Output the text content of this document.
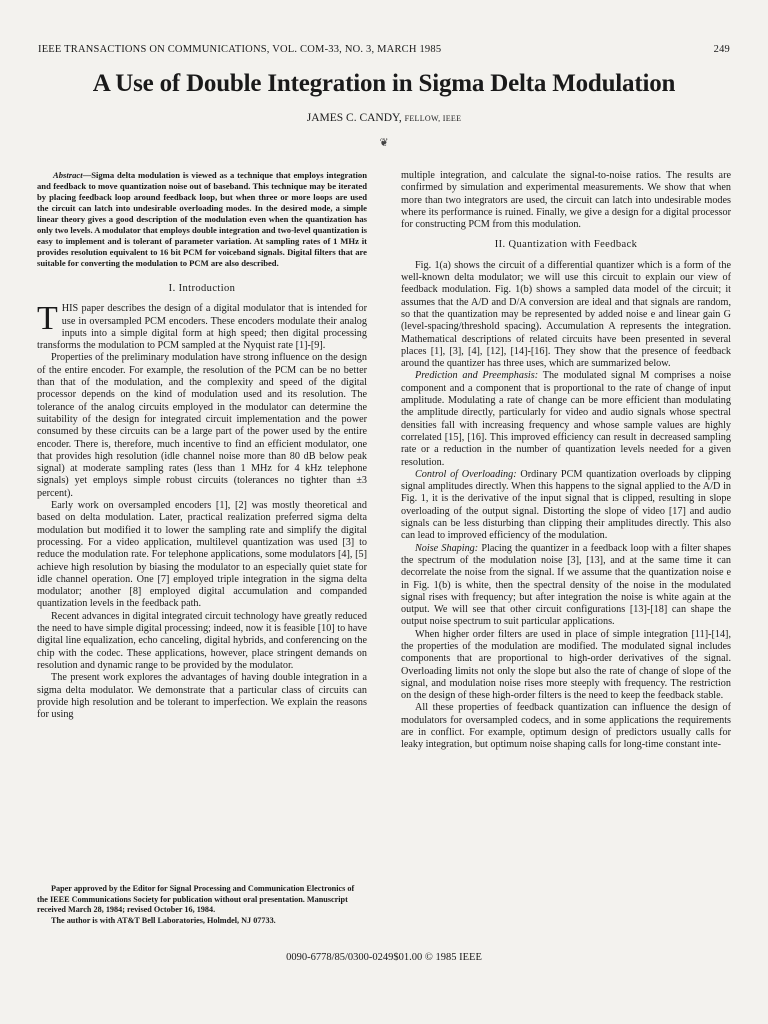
IEEE TRANSACTIONS ON COMMUNICATIONS, VOL. COM-33, NO. 3, MARCH 1985	249
A Use of Double Integration in Sigma Delta Modulation
JAMES C. CANDY, FELLOW, IEEE
❦

Abstract—Sigma delta modulation is viewed as a technique that employs integration and feedback to move quantization noise out of baseband. This technique may be iterated by placing feedback loop around feedback loop, but when three or more loops are used the circuit can latch into undesirable overloading modes. In the desired mode, a simple linear theory gives a good description of the modulation even when the quantization has only two levels. A modulator that employs double integration and two-level quantization is easy to implement and is tolerant of parameter variation. At sampling rates of 1 MHz it provides resolution equivalent to 16 bit PCM for voiceband signals. Digital filters that are suitable for converting the modulation to PCM are also described.

I. Introduction

THIS paper describes the design of a digital modulator that is intended for use in oversampled PCM encoders. These encoders modulate their analog inputs into a simple digital form at high speed; then digital processing transforms the modulation to PCM sampled at the Nyquist rate [1]-[9].

Properties of the preliminary modulation have strong influence on the design of the entire encoder. For example, the resolution of the PCM can be no better than that of the modulation, and the complexity and speed of the digital processor depends on the kind of modulation used and its resolution. The tolerance of the analog circuits employed in the modulator can determine the suitability of the design for integrated circuit implementation and the power consumed by these circuits can be a large part of the power used by the entire encoder. There is, therefore, much incentive to find an efficient modulator, one that provides high resolution (idle channel noise more than 80 dB below peak signal) at moderate sampling rates (less than 1 MHz for 4 kHz telephone signals) yet employs simple robust circuits (tolerances no tighter than ±3 percent).

Early work on oversampled encoders [1], [2] was mostly theoretical and based on delta modulation. Later, practical realization preferred sigma delta modulation but modified it to lower the sampling rate and simplify the digital processing. For a video application, multilevel quantization was used [3] to reduce the modulation rate. For telephone applications, some modulators [4], [5] achieve high resolution by biasing the modulator to an especially quiet state for idle channel operation. One [7] employed triple integration in the sigma delta modulator; another [8] employed digital accumulation and companded quantization levels in the feedback path.

Recent advances in digital integrated circuit technology have greatly reduced the need to have simple digital processing; indeed, now it is feasible [10] to have digital line equalization, echo canceling, digital hybrids, and conferencing on the chip with the codec. These applications, however, place stringent demands on resolution and dynamic range to be provided by the modulator.

The present work explores the advantages of having double integration in a sigma delta modulator. We demonstrate that a particular class of circuits can provide high resolution and be tolerant to imperfection. We explain the reasons for using

multiple integration, and calculate the signal-to-noise ratios. The results are confirmed by simulation and experimental measurements. We show that when more than two integrators are used, the circuit can latch into undesirable modes where its performance is ruined. Finally, we give a design for a digital processor for constructing PCM from this modulation.

II. Quantization with Feedback

Fig. 1(a) shows the circuit of a differential quantizer which is a form of the well-known delta modulator; we will use this circuit to explain our view of feedback modulation. Fig. 1(b) shows a sampled data model of the circuit; it assumes that the A/D and D/A conversion are ideal and that signals are random, so that the quantization may be represented by added noise e and linear gain G (level-spacing/threshold spacing). Accumulation A represents the integration. Mathematical descriptions of related circuits have been presented in several places [1], [3], [4], [12], [14]-[16]. They show that the presence of feedback around the quantizer has three uses, which are summarized below.

Prediction and Preemphasis: The modulated signal M comprises a noise component and a component that is proportional to the rate of change of input amplitude. Modulating a rate of change can be more efficient than modulating the amplitude directly, particularly for video and audio signals whose spectral densities fall with increasing frequency and whose sample values are highly correlated [15], [16]. This improved efficiency can result in decreased sampling rate or a reduction in the number of quantization levels needed for a given resolution.

Control of Overloading: Ordinary PCM quantization overloads by clipping signal amplitudes directly. When this happens to the signal applied to the A/D in Fig. 1, it is the derivative of the input signal that is clipped, resulting in slope overloading of the output signal. Distorting the slope of video [17] and audio signals can be less disturbing than clipping their amplitudes directly. This also can lead to improved efficiency of the modulation.

Noise Shaping: Placing the quantizer in a feedback loop with a filter shapes the spectrum of the modulation noise [3], [13], and at the same time it can decorrelate the noise from the signal. If we assume that the quantization noise e in Fig. 1(b) is white, then the spectral density of the noise in the modulated signal rises with frequency; but after integration the noise is white again at the output. We will see that other circuit configurations [13]-[18] can shape the output noise spectrum to suit particular applications.

When higher order filters are used in place of simple integration [11]-[14], the properties of the modulation are modified. The modulated signal includes components that are proportional to high-order derivatives of the signal. Overloading limits not only the slope but also the rate of change of slope of the signal, and modulation noise rises more steeply with frequency. The restriction on the design of these high-order filters is the need to keep the feedback stable.

All these properties of feedback quantization can influence the design of modulators for oversampled codecs, and in some applications the requirements are in conflict. For example, optimum design of predictors usually calls for leaky integration, but optimum noise shaping calls for long-time constant inte-

Paper approved by the Editor for Signal Processing and Communication Electronics of the IEEE Communications Society for publication without oral presentation. Manuscript received March 28, 1984; revised October 16, 1984.

The author is with AT&T Bell Laboratories, Holmdel, NJ 07733.

0090-6778/85/0300-0249$01.00 © 1985 IEEE
